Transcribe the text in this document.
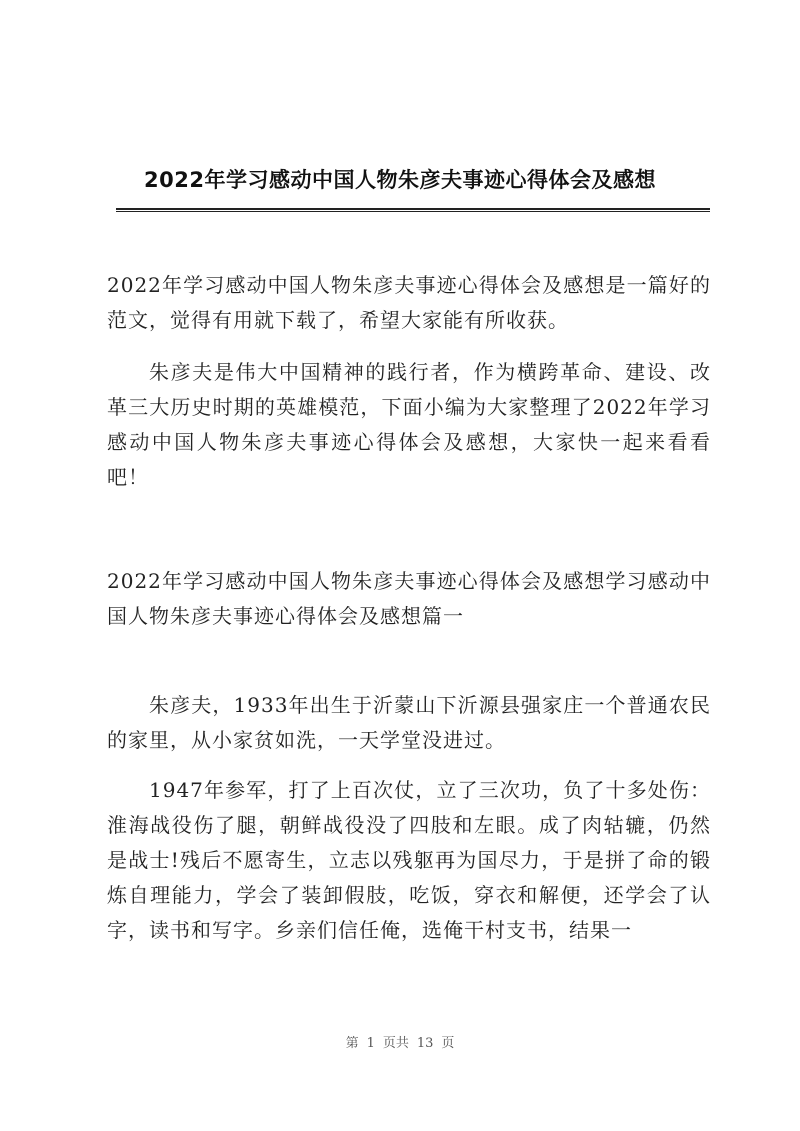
2022年学习感动中国人物朱彦夫事迹心得体会及感想

2022年学习感动中国人物朱彦夫事迹心得体会及感想是一篇好的范文，觉得有用就下载了，希望大家能有所收获。

朱彦夫是伟大中国精神的践行者，作为横跨革命、建设、改革三大历史时期的英雄模范，下面小编为大家整理了2022年学习感动中国人物朱彦夫事迹心得体会及感想，大家快一起来看看吧！

2022年学习感动中国人物朱彦夫事迹心得体会及感想学习感动中国人物朱彦夫事迹心得体会及感想篇一

朱彦夫，1933年出生于沂蒙山下沂源县强家庄一个普通农民的家里，从小家贫如洗，一天学堂没进过。

1947年参军，打了上百次仗，立了三次功，负了十多处伤：淮海战役伤了腿，朝鲜战役没了四肢和左眼。成了肉轱辘，仍然是战士!残后不愿寄生，立志以残躯再为国尽力，于是拼了命的锻炼自理能力，学会了装卸假肢，吃饭，穿衣和解便，还学会了认字，读书和写字。乡亲们信任俺，选俺干村支书，结果一

第 1 页共 13 页
